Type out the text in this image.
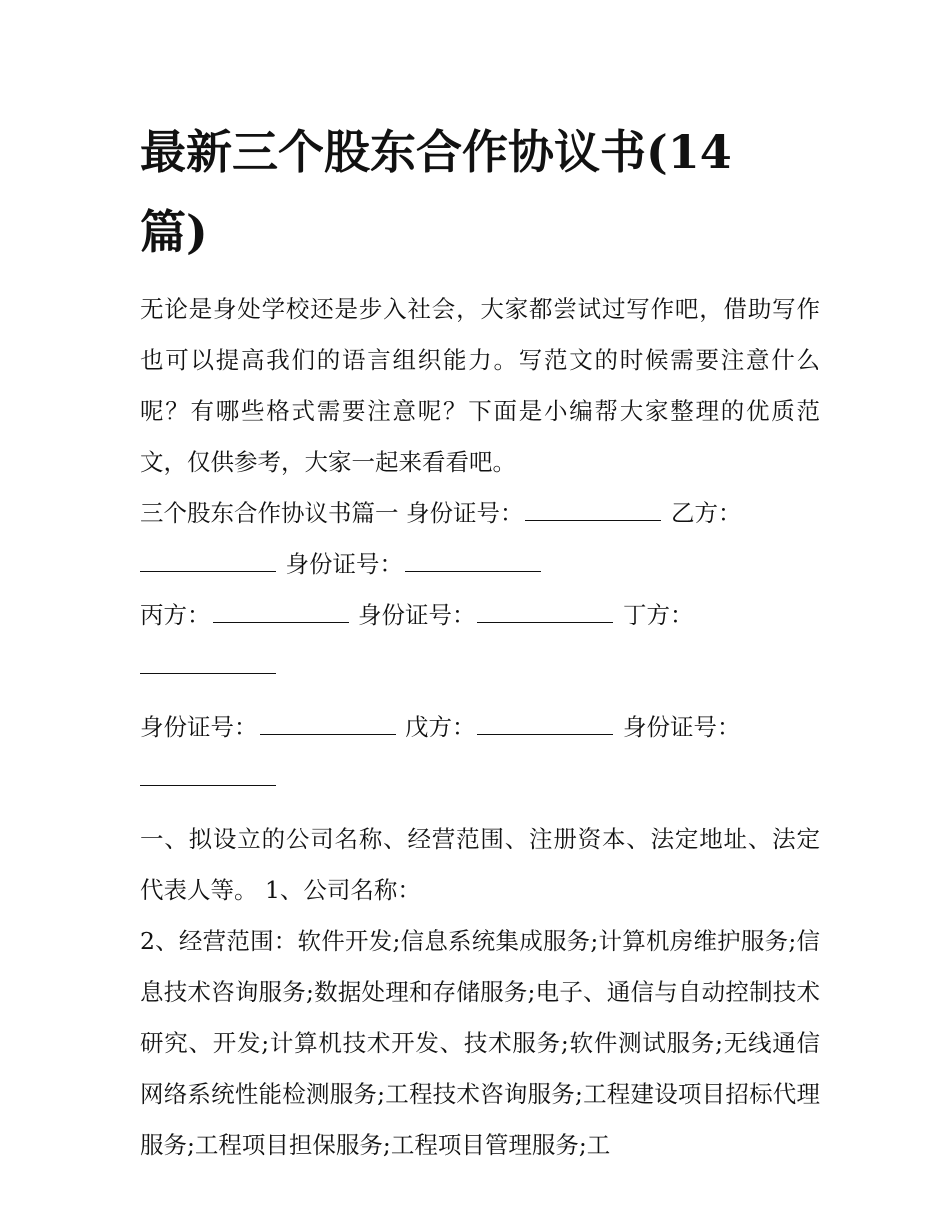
最新三个股东合作协议书(14篇)

无论是身处学校还是步入社会，大家都尝试过写作吧，借助写作也可以提高我们的语言组织能力。写范文的时候需要注意什么呢？有哪些格式需要注意呢？下面是小编帮大家整理的优质范文，仅供参考，大家一起来看看吧。

三个股东合作协议书篇一 身份证号：	乙方：
身份证号：
丙方：	身份证号：	丁方：
身份证号：	戊方：	身份证号：

一、拟设立的公司名称、经营范围、注册资本、法定地址、法定代表人等。 1、公司名称：

2、经营范围：软件开发;信息系统集成服务;计算机房维护服务;信息技术咨询服务;数据处理和存储服务;电子、通信与自动控制技术研究、开发;计算机技术开发、技术服务;软件测试服务;无线通信网络系统性能检测服务;工程技术咨询服务;工程建设项目招标代理服务;工程项目担保服务;工程项目管理服务;工
